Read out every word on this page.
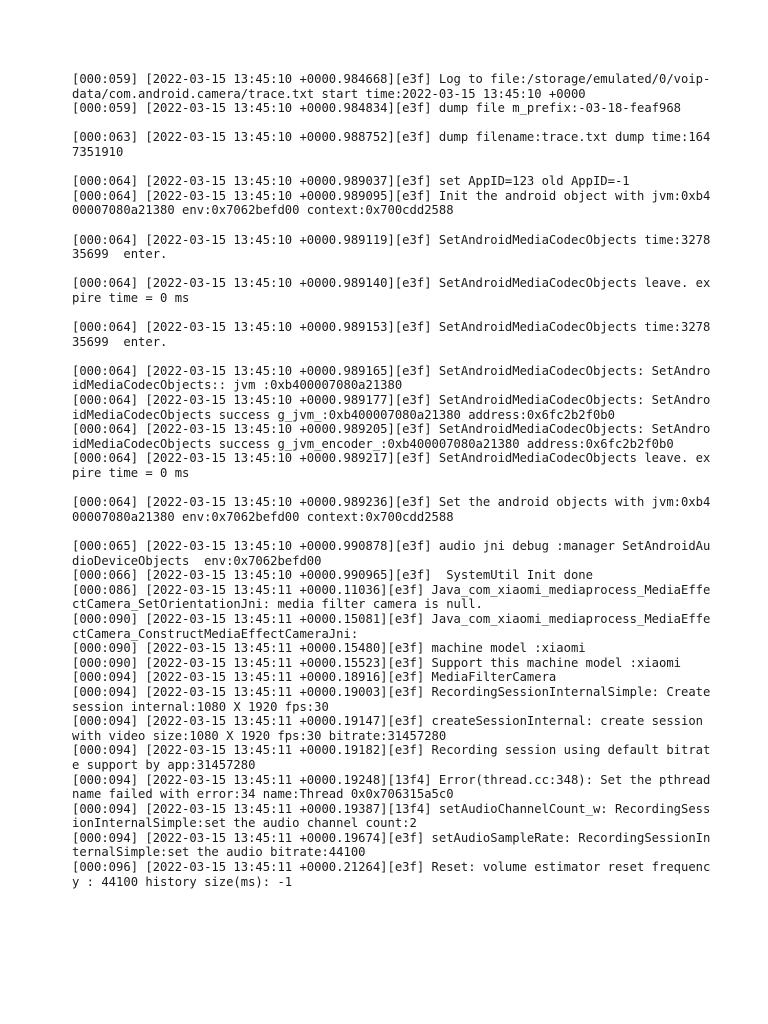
[000:059] [2022-03-15 13:45:10 +0000.984668][e3f] Log to file:/storage/emulated/0/voip-data/com.android.camera/trace.txt start time:2022-03-15 13:45:10 +0000
[000:059] [2022-03-15 13:45:10 +0000.984834][e3f] dump file m_prefix:-03-18-feaf968
[000:063] [2022-03-15 13:45:10 +0000.988752][e3f] dump filename:trace.txt dump time:1647351910
[000:064] [2022-03-15 13:45:10 +0000.989037][e3f] set AppID=123 old AppID=-1
[000:064] [2022-03-15 13:45:10 +0000.989095][e3f] Init the android object with jvm:0xb400007080a21380 env:0x7062befd00 context:0x700cdd2588
[000:064] [2022-03-15 13:45:10 +0000.989119][e3f] SetAndroidMediaCodecObjects time:327835699  enter.
[000:064] [2022-03-15 13:45:10 +0000.989140][e3f] SetAndroidMediaCodecObjects leave. expire time = 0 ms
[000:064] [2022-03-15 13:45:10 +0000.989153][e3f] SetAndroidMediaCodecObjects time:327835699  enter.
[000:064] [2022-03-15 13:45:10 +0000.989165][e3f] SetAndroidMediaCodecObjects: SetAndroidMediaCodecObjects:: jvm :0xb400007080a21380
[000:064] [2022-03-15 13:45:10 +0000.989177][e3f] SetAndroidMediaCodecObjects: SetAndroidMediaCodecObjects success g_jvm_:0xb400007080a21380 address:0x6fc2b2f0b0
[000:064] [2022-03-15 13:45:10 +0000.989205][e3f] SetAndroidMediaCodecObjects: SetAndroidMediaCodecObjects success g_jvm_encoder_:0xb400007080a21380 address:0x6fc2b2f0b0
[000:064] [2022-03-15 13:45:10 +0000.989217][e3f] SetAndroidMediaCodecObjects leave. expire time = 0 ms
[000:064] [2022-03-15 13:45:10 +0000.989236][e3f] Set the android objects with jvm:0xb400007080a21380 env:0x7062befd00 context:0x700cdd2588
[000:065] [2022-03-15 13:45:10 +0000.990878][e3f] audio jni debug :manager SetAndroidAudioDeviceObjects  env:0x7062befd00
[000:066] [2022-03-15 13:45:10 +0000.990965][e3f]  SystemUtil Init done
[000:086] [2022-03-15 13:45:11 +0000.11036][e3f] Java_com_xiaomi_mediaprocess_MediaEffectCamera_SetOrientationJni: media filter camera is null.
[000:090] [2022-03-15 13:45:11 +0000.15081][e3f] Java_com_xiaomi_mediaprocess_MediaEffectCamera_ConstructMediaEffectCameraJni:
[000:090] [2022-03-15 13:45:11 +0000.15480][e3f] machine model :xiaomi
[000:090] [2022-03-15 13:45:11 +0000.15523][e3f] Support this machine model :xiaomi
[000:094] [2022-03-15 13:45:11 +0000.18916][e3f] MediaFilterCamera
[000:094] [2022-03-15 13:45:11 +0000.19003][e3f] RecordingSessionInternalSimple: Create session internal:1080 X 1920 fps:30
[000:094] [2022-03-15 13:45:11 +0000.19147][e3f] createSessionInternal: create session with video size:1080 X 1920 fps:30 bitrate:31457280
[000:094] [2022-03-15 13:45:11 +0000.19182][e3f] Recording session using default bitrate support by app:31457280
[000:094] [2022-03-15 13:45:11 +0000.19248][13f4] Error(thread.cc:348): Set the pthread name failed with error:34 name:Thread 0x0x706315a5c0
[000:094] [2022-03-15 13:45:11 +0000.19387][13f4] setAudioChannelCount_w: RecordingSessionInternalSimple:set the audio channel count:2
[000:094] [2022-03-15 13:45:11 +0000.19674][e3f] setAudioSampleRate: RecordingSessionInternalSimple:set the audio bitrate:44100
[000:096] [2022-03-15 13:45:11 +0000.21264][e3f] Reset: volume estimator reset frequency : 44100 history size(ms): -1
